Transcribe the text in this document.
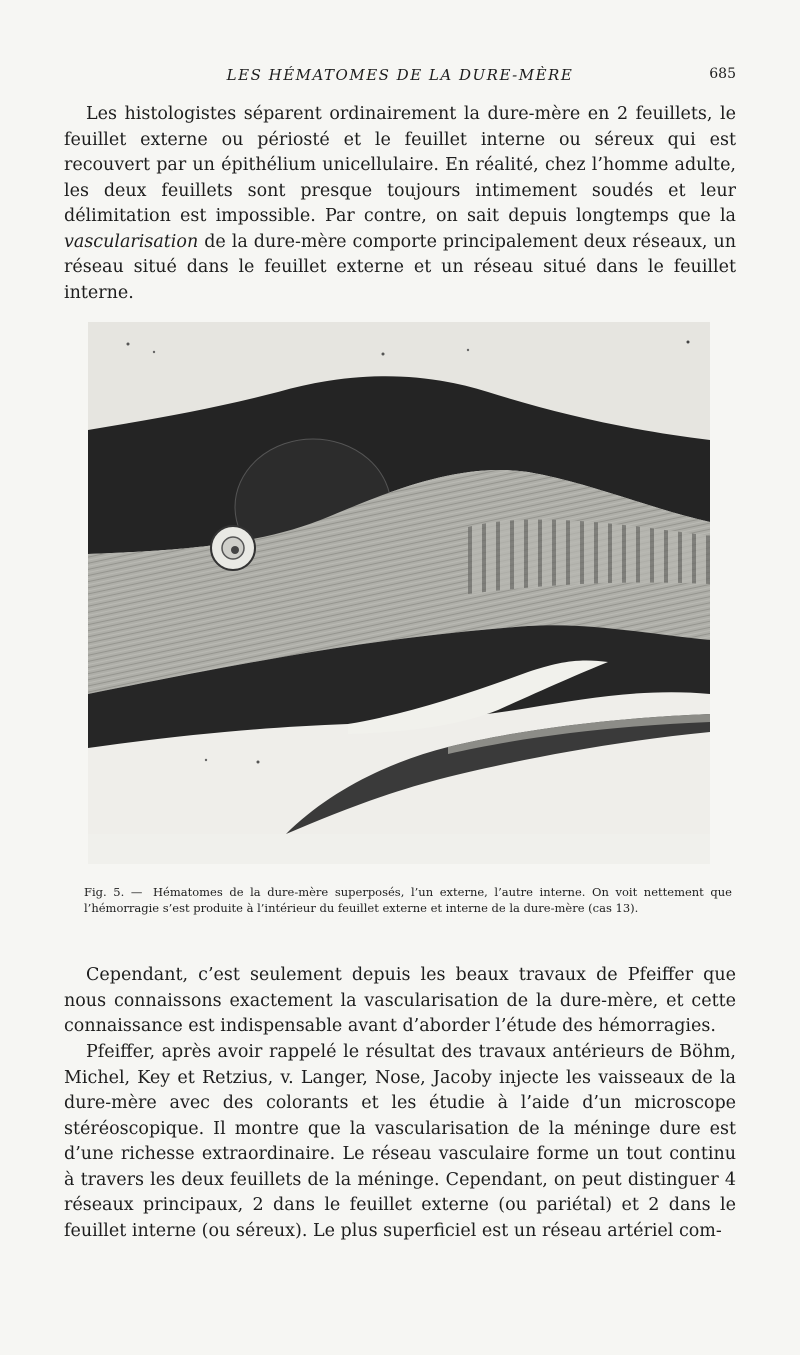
LES HÉMATOMES DE LA DURE-MÈRE	685

Les histologistes séparent ordinairement la dure-mère en 2 feuillets, le feuillet externe ou périosté et le feuillet interne ou séreux qui est recouvert par un épithélium unicellulaire. En réalité, chez l’homme adulte, les deux feuillets sont presque toujours intimement soudés et leur délimitation est impossible. Par contre, on sait depuis longtemps que la vascularisation de la dure-mère comporte principalement deux réseaux, un réseau situé dans le feuillet externe et un réseau situé dans le feuillet interne.

Fig. 5. — Hématomes de la dure-mère superposés, l’un externe, l’autre interne. On voit nettement que l’hémorragie s’est produite à l’intérieur du feuillet externe et interne de la dure-mère (cas 13).

Cependant, c’est seulement depuis les beaux travaux de Pfeiffer que nous connaissons exactement la vascularisation de la dure-mère, et cette connaissance est indispensable avant d’aborder l’étude des hémorragies.

Pfeiffer, après avoir rappelé le résultat des travaux antérieurs de Böhm, Michel, Key et Retzius, v. Langer, Nose, Jacoby injecte les vaisseaux de la dure-mère avec des colorants et les étudie à l’aide d’un microscope stéréoscopique. Il montre que la vascularisation de la méninge dure est d’une richesse extraordinaire. Le réseau vasculaire forme un tout continu à travers les deux feuillets de la méninge. Cependant, on peut distinguer 4 réseaux principaux, 2 dans le feuillet externe (ou pariétal) et 2 dans le feuillet interne (ou séreux). Le plus superficiel est un réseau artériel com-
